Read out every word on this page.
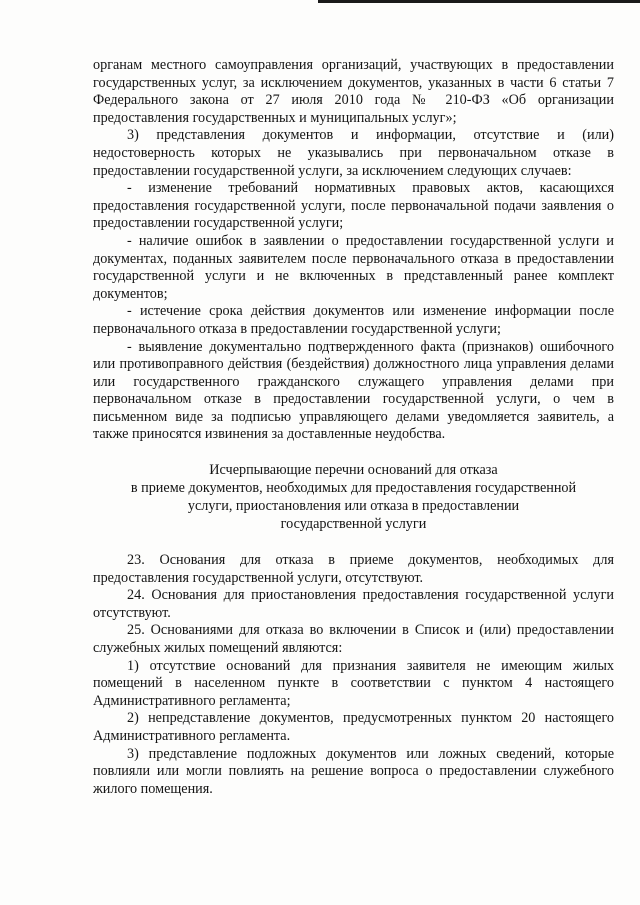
органам местного самоуправления организаций, участвующих в предоставлении государственных услуг, за исключением документов, указанных в части 6 статьи 7 Федерального закона от 27 июля 2010 года № 210-ФЗ «Об организации предоставления государственных и муниципальных услуг»;

3) представления документов и информации, отсутствие и (или) недостоверность которых не указывались при первоначальном отказе в предоставлении государственной услуги, за исключением следующих случаев:

- изменение требований нормативных правовых актов, касающихся предоставления государственной услуги, после первоначальной подачи заявления о предоставлении государственной услуги;

- наличие ошибок в заявлении о предоставлении государственной услуги и документах, поданных заявителем после первоначального отказа в предоставлении государственной услуги и не включенных в представленный ранее комплект документов;

- истечение срока действия документов или изменение информации после первоначального отказа в предоставлении государственной услуги;

- выявление документально подтвержденного факта (признаков) ошибочного или противоправного действия (бездействия) должностного лица управления делами или государственного гражданского служащего управления делами при первоначальном отказе в предоставлении государственной услуги, о чем в письменном виде за подписью управляющего делами уведомляется заявитель, а также приносятся извинения за доставленные неудобства.

Исчерпывающие перечни оснований для отказа

в приеме документов, необходимых для предоставления государственной

услуги, приостановления или отказа в предоставлении

государственной услуги

23. Основания для отказа в приеме документов, необходимых для предоставления государственной услуги, отсутствуют.

24. Основания для приостановления предоставления государственной услуги отсутствуют.

25. Основаниями для отказа во включении в Список и (или) предоставлении служебных жилых помещений являются:

1) отсутствие оснований для признания заявителя не имеющим жилых помещений в населенном пункте в соответствии с пунктом 4 настоящего Административного регламента;

2) непредставление документов, предусмотренных пунктом 20 настоящего Административного регламента.

3) представление подложных документов или ложных сведений, которые повлияли или могли повлиять на решение вопроса о предоставлении служебного жилого помещения.
